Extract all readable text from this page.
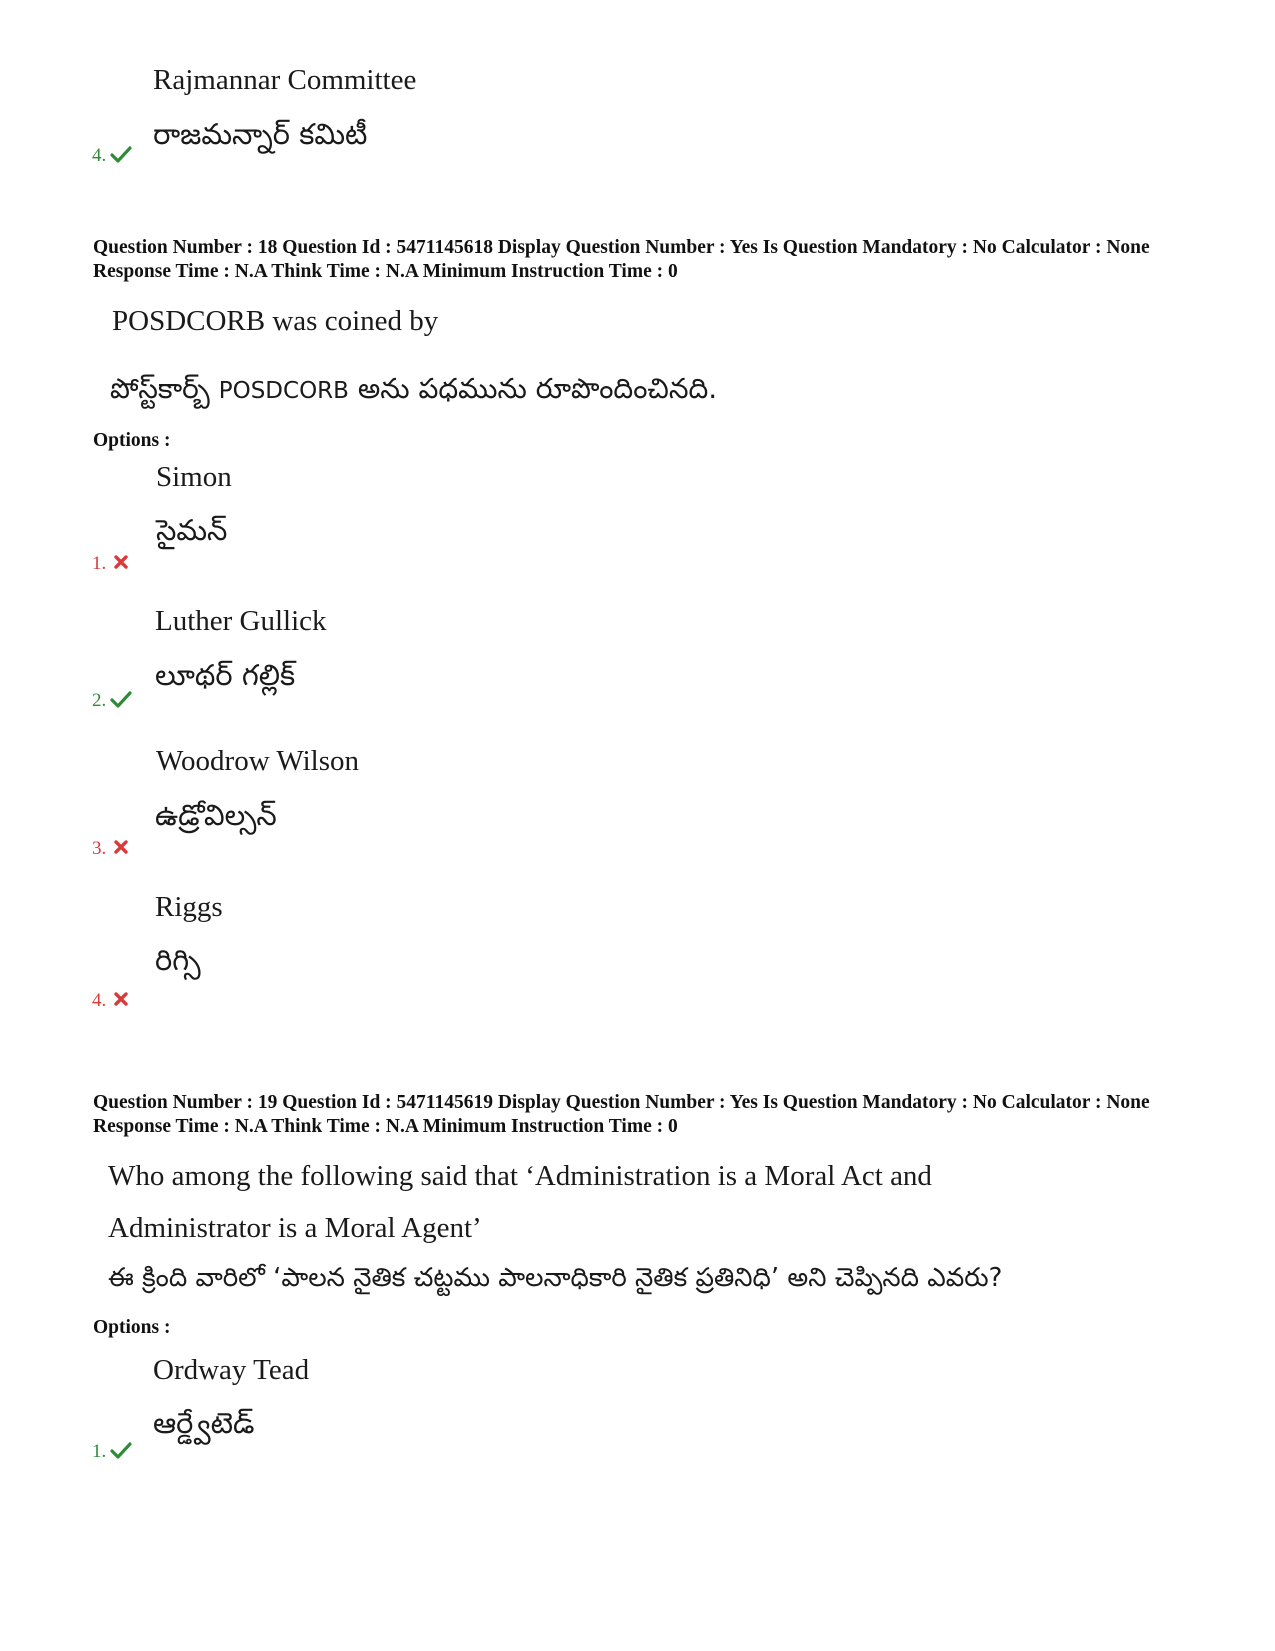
Rajmannar Committee
రాజమన్నార్ కమిటీ
4.
Question Number : 18 Question Id : 5471145618 Display Question Number : Yes Is Question Mandatory : No Calculator : None Response Time : N.A Think Time : N.A Minimum Instruction Time : 0
POSDCORB was coined by
పోస్ట్‌కార్బ్ POSDCORB అను పధమును రూపొందించినది.
Options :
Simon
సైమన్
1.
Luther Gullick
లూథర్ గల్లిక్
2.
Woodrow Wilson
ఉడ్రోవిల్సన్
3.
Riggs
రిగ్సి
4.
Question Number : 19 Question Id : 5471145619 Display Question Number : Yes Is Question Mandatory : No Calculator : None Response Time : N.A Think Time : N.A Minimum Instruction Time : 0
Who among the following said that ‘Administration is a Moral Act and
Administrator is a Moral Agent’
ఈ క్రింది వారిలో ‘పాలన నైతిక చట్టము పాలనాధికారి నైతిక ప్రతినిధి’ అని చెప్పినది ఎవరు?
Options :
Ordway Tead
ఆర్డ్వేటెడ్
1.
